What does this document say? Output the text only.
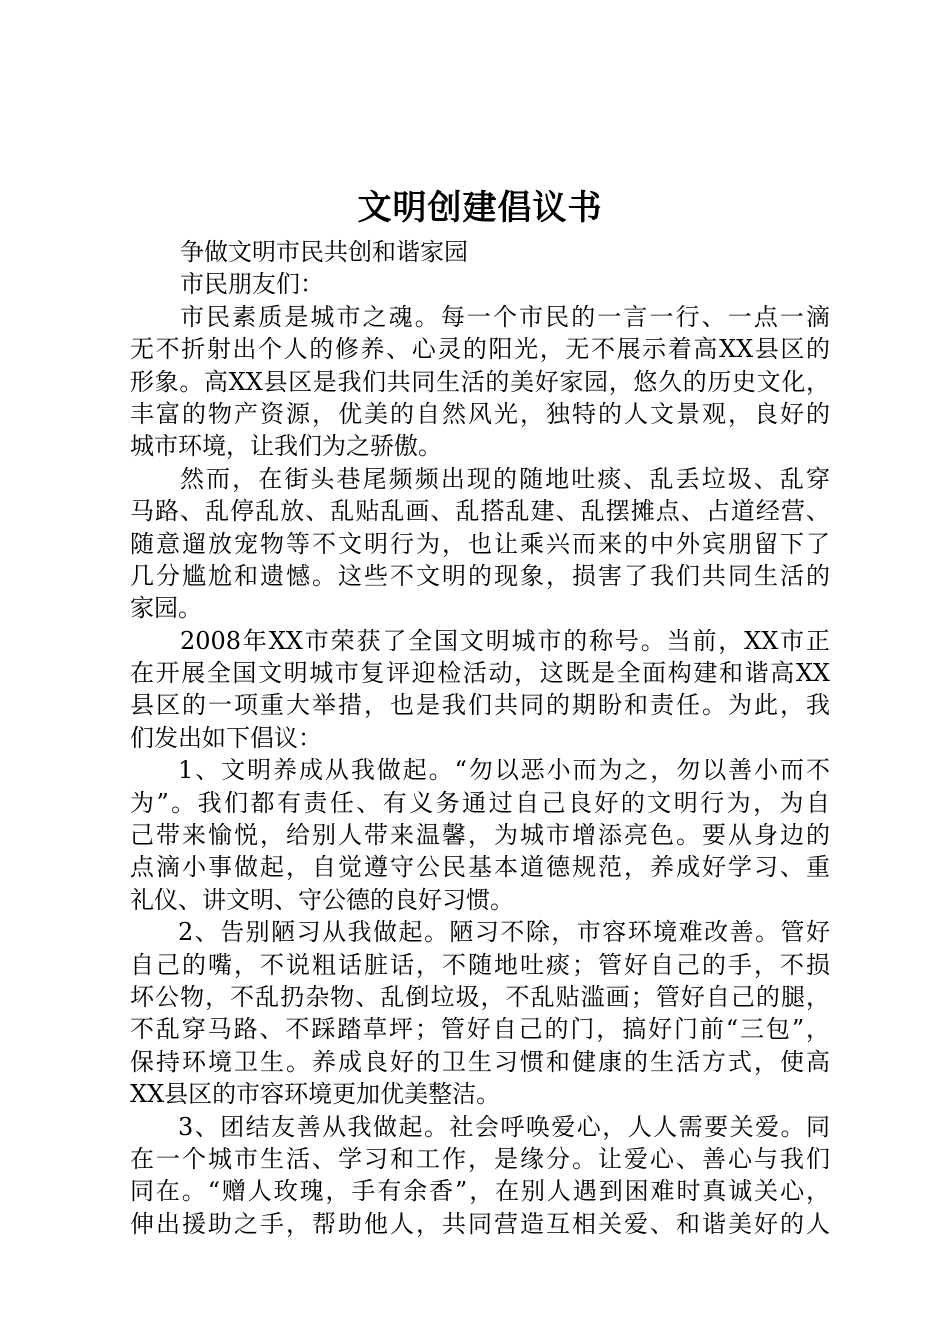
文明创建倡议书

争做文明市民共创和谐家园

市民朋友们：

市民素质是城市之魂。每一个市民的一言一行、一点一滴

无不折射出个人的修养、心灵的阳光，无不展示着高XX县区的

形象。高XX县区是我们共同生活的美好家园，悠久的历史文化，

丰富的物产资源，优美的自然风光，独特的人文景观，良好的

城市环境，让我们为之骄傲。

然而，在街头巷尾频频出现的随地吐痰、乱丢垃圾、乱穿

马路、乱停乱放、乱贴乱画、乱搭乱建、乱摆摊点、占道经营、

随意遛放宠物等不文明行为，也让乘兴而来的中外宾朋留下了

几分尴尬和遗憾。这些不文明的现象，损害了我们共同生活的

家园。

2008年XX市荣获了全国文明城市的称号。当前，XX市正

在开展全国文明城市复评迎检活动，这既是全面构建和谐高XX

县区的一项重大举措，也是我们共同的期盼和责任。为此，我

们发出如下倡议：

1、文明养成从我做起。“勿以恶小而为之，勿以善小而不

为”。我们都有责任、有义务通过自己良好的文明行为，为自

己带来愉悦，给别人带来温馨，为城市增添亮色。要从身边的

点滴小事做起，自觉遵守公民基本道德规范，养成好学习、重

礼仪、讲文明、守公德的良好习惯。

2、告别陋习从我做起。陋习不除，市容环境难改善。管好

自己的嘴，不说粗话脏话，不随地吐痰；管好自己的手，不损

坏公物，不乱扔杂物、乱倒垃圾，不乱贴滥画；管好自己的腿，

不乱穿马路、不踩踏草坪；管好自己的门，搞好门前“三包”，

保持环境卫生。养成良好的卫生习惯和健康的生活方式，使高

XX县区的市容环境更加优美整洁。

3、团结友善从我做起。社会呼唤爱心，人人需要关爱。同

在一个城市生活、学习和工作，是缘分。让爱心、善心与我们

同在。“赠人玫瑰，手有余香”，在别人遇到困难时真诚关心，

伸出援助之手，帮助他人，共同营造互相关爱、和谐美好的人
